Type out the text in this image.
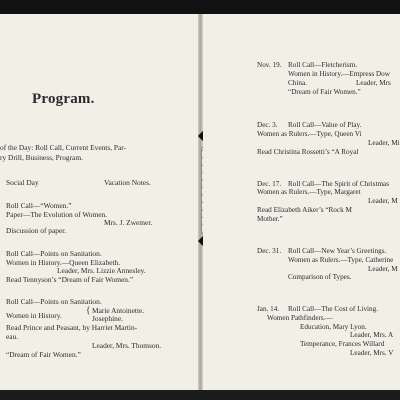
Program.
of the Day: Roll Call, Current Events, Par-
ry Drill, Business, Program.
Social Day	Vacation Notes.
Roll Call—“Women.”
Paper—The Evolution of Women.
Mrs. J. Zwemer.
Discussion of paper.
Roll Call—Points on Sanitation.
Women in History.—Queen Elizabeth.
Leader, Mrs. Lizzie Annesley.
Read Tennyson’s “Dream of Fair Women.”
Roll Call—Points on Sanitation.
Women in History.
{ Marie Antoinette.
Josephine.
Read Prince and Peasant, by Harriet Martin-
eau.
Leader, Mrs. Thomson.
“Dream of Fair Women.”
Nov. 19. Roll Call—Fletcherism.
Women in History.—Empress Dow
China.	Leader, Mrs
“Dream of Fair Women.”
Dec. 3. Roll Call—Value of Play.
Women as Rulers.—Type, Queen Vi
Leader, Mi
Read Christina Rossetti’s “A Royal
Dec. 17. Roll Call—The Spirit of Christmas
Women as Rulers.—Type, Margaret
Leader, M
Read Elizabeth Aiker’s “Rock M
Mother.”
Dec. 31. Roll Call—New Year’s Greetings.
Women as Rulers.—Type, Catherine
Leader, M
Comparison of Types.
Jan. 14. Roll Call—The Cost of Living.
Women Pathfinders.—
Education, Mary Lyon.
Leader, Mrs. A
Temperance, Frances Willard
Leader, Mrs. V
